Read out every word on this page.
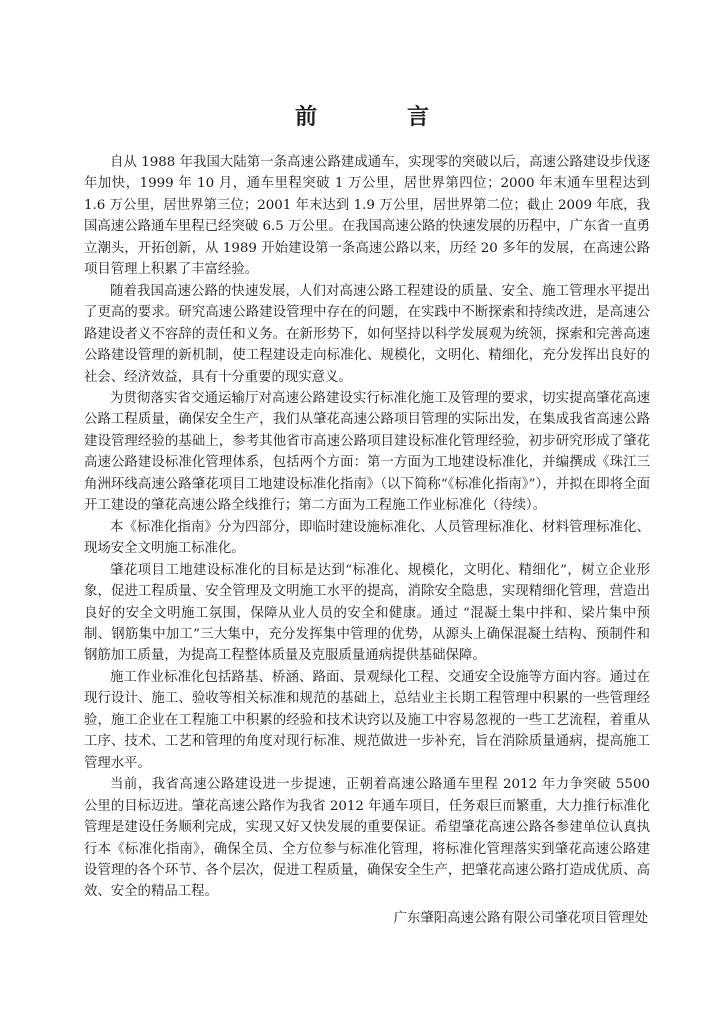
前　言

自从 1988 年我国大陆第一条高速公路建成通车，实现零的突破以后，高速公路建设步伐逐年加快，1999 年 10 月，通车里程突破 1 万公里，居世界第四位；2000 年末通车里程达到 1.6 万公里，居世界第三位；2001 年末达到 1.9 万公里，居世界第二位；截止 2009 年底，我国高速公路通车里程已经突破 6.5 万公里。在我国高速公路的快速发展的历程中，广东省一直勇立潮头，开拓创新，从 1989 开始建设第一条高速公路以来，历经 20 多年的发展，在高速公路项目管理上积累了丰富经验。

随着我国高速公路的快速发展，人们对高速公路工程建设的质量、安全、施工管理水平提出了更高的要求。研究高速公路建设管理中存在的问题，在实践中不断探索和持续改进，是高速公路建设者义不容辞的责任和义务。在新形势下，如何坚持以科学发展观为统领，探索和完善高速公路建设管理的新机制，使工程建设走向标准化、规模化，文明化、精细化，充分发挥出良好的社会、经济效益，具有十分重要的现实意义。

为贯彻落实省交通运输厅对高速公路建设实行标准化施工及管理的要求，切实提高肇花高速公路工程质量，确保安全生产，我们从肇花高速公路项目管理的实际出发，在集成我省高速公路建设管理经验的基础上，参考其他省市高速公路项目建设标准化管理经验，初步研究形成了肇花高速公路建设标准化管理体系，包括两个方面：第一方面为工地建设标准化，并编撰成《珠江三角洲环线高速公路肇花项目工地建设标准化指南》（以下简称“《标准化指南》”），并拟在即将全面开工建设的肇花高速公路全线推行；第二方面为工程施工作业标准化（待续）。

本《标准化指南》分为四部分，即临时建设施标准化、人员管理标准化、材料管理标准化、现场安全文明施工标准化。

肇花项目工地建设标准化的目标是达到“标准化、规模化，文明化、精细化”，树立企业形象，促进工程质量、安全管理及文明施工水平的提高，消除安全隐患，实现精细化管理，营造出良好的安全文明施工氛围，保障从业人员的安全和健康。通过 “混凝土集中拌和、梁片集中预制、钢筋集中加工”三大集中，充分发挥集中管理的优势，从源头上确保混凝土结构、预制件和钢筋加工质量，为提高工程整体质量及克服质量通病提供基础保障。

施工作业标准化包括路基、桥涵、路面、景观绿化工程、交通安全设施等方面内容。通过在现行设计、施工、验收等相关标准和规范的基础上，总结业主长期工程管理中积累的一些管理经验，施工企业在工程施工中积累的经验和技术诀窍以及施工中容易忽视的一些工艺流程，着重从工序、技术、工艺和管理的角度对现行标准、规范做进一步补充，旨在消除质量通病，提高施工管理水平。

当前，我省高速公路建设进一步提速，正朝着高速公路通车里程 2012 年力争突破 5500 公里的目标迈进。肇花高速公路作为我省 2012 年通车项目，任务艰巨而繁重，大力推行标准化管理是建设任务顺利完成，实现又好又快发展的重要保证。希望肇花高速公路各参建单位认真执行本《标准化指南》，确保全员、全方位参与标准化管理，将标准化管理落实到肇花高速公路建设管理的各个环节、各个层次，促进工程质量，确保安全生产，把肇花高速公路打造成优质、高效、安全的精品工程。

广东肇阳高速公路有限公司肇花项目管理处
